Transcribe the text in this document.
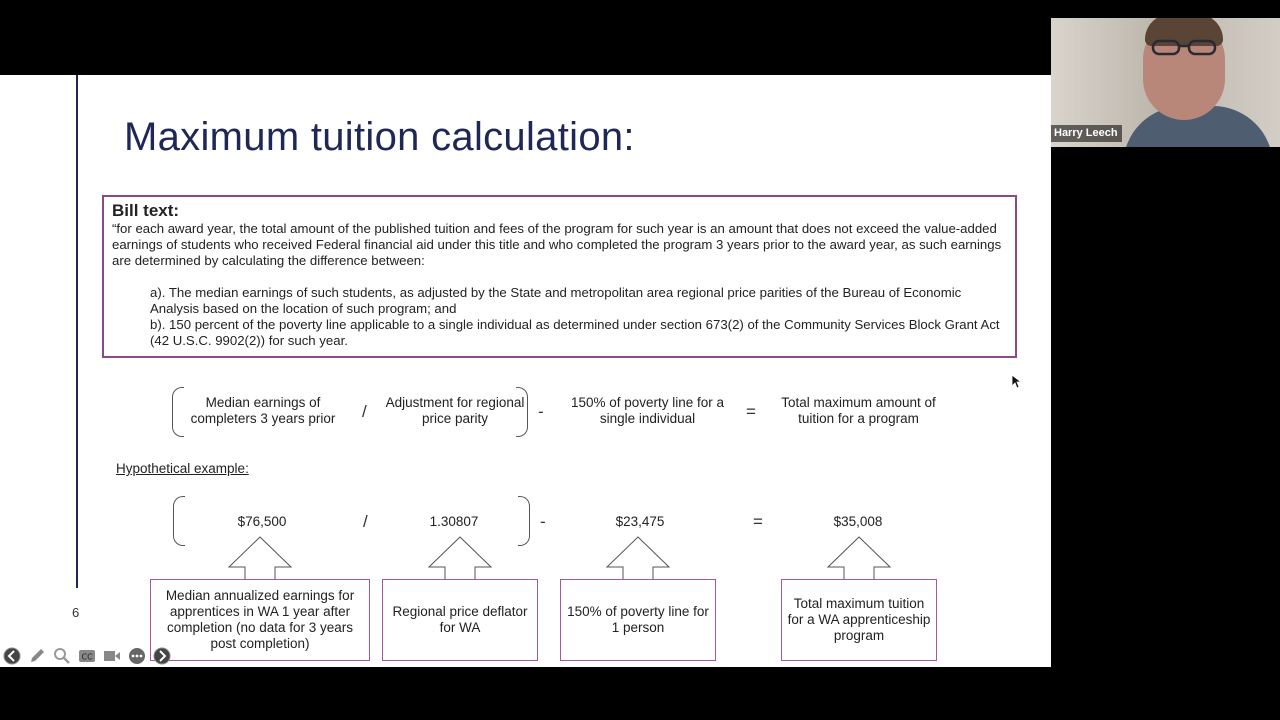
Maximum tuition calculation:
Bill text:

“for each award year, the total amount of the published tuition and fees of the program for such year is an amount that does not exceed the value-added earnings of students who received Federal financial aid under this title and who completed the program 3 years prior to the award year, as such earnings are determined by calculating the difference between:

a). The median earnings of such students, as adjusted by the State and metropolitan area regional price parities of the Bureau of Economic Analysis based on the location of such program; and
b). 150 percent of the poverty line applicable to a single individual as determined under section 673(2) of the Community Services Block Grant Act (42 U.S.C. 9902(2)) for such year.
Median earnings of completers 3 years prior	/ Adjustment for regional price parity	-	150% of poverty line for a single individual	=	Total maximum amount of tuition for a program
Hypothetical example:
$76,500	/	1.30807	-	$23,475	=	$35,008
Median annualized earnings for apprentices in WA 1 year after completion (no data for 3 years post completion)
Regional price deflator for WA
150% of poverty line for 1 person
Total maximum tuition for a WA apprenticeship program
6
Harry Leech
CC
